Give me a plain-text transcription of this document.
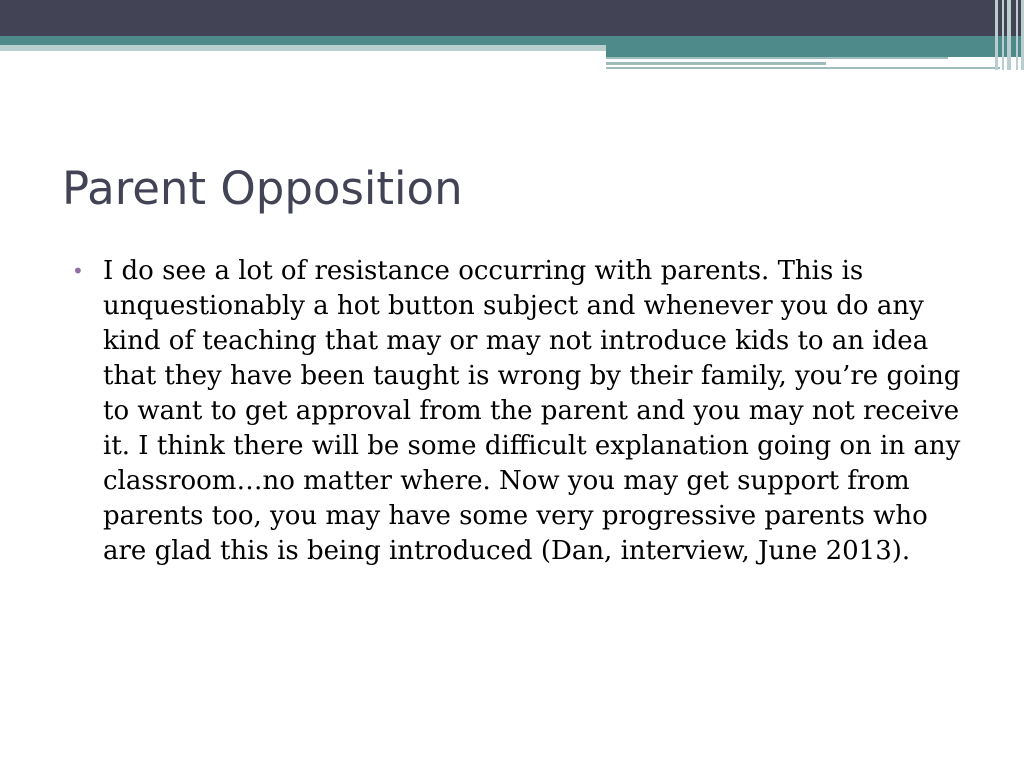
Parent Opposition
• I do see a lot of resistance occurring with parents. This is unquestionably a hot button subject and whenever you do any kind of teaching that may or may not introduce kids to an idea that they have been taught is wrong by their family, you’re going to want to get approval from the parent and you may not receive it. I think there will be some difficult explanation going on in any classroom…no matter where. Now you may get support from parents too, you may have some very progressive parents who are glad this is being introduced (Dan, interview, June 2013).
